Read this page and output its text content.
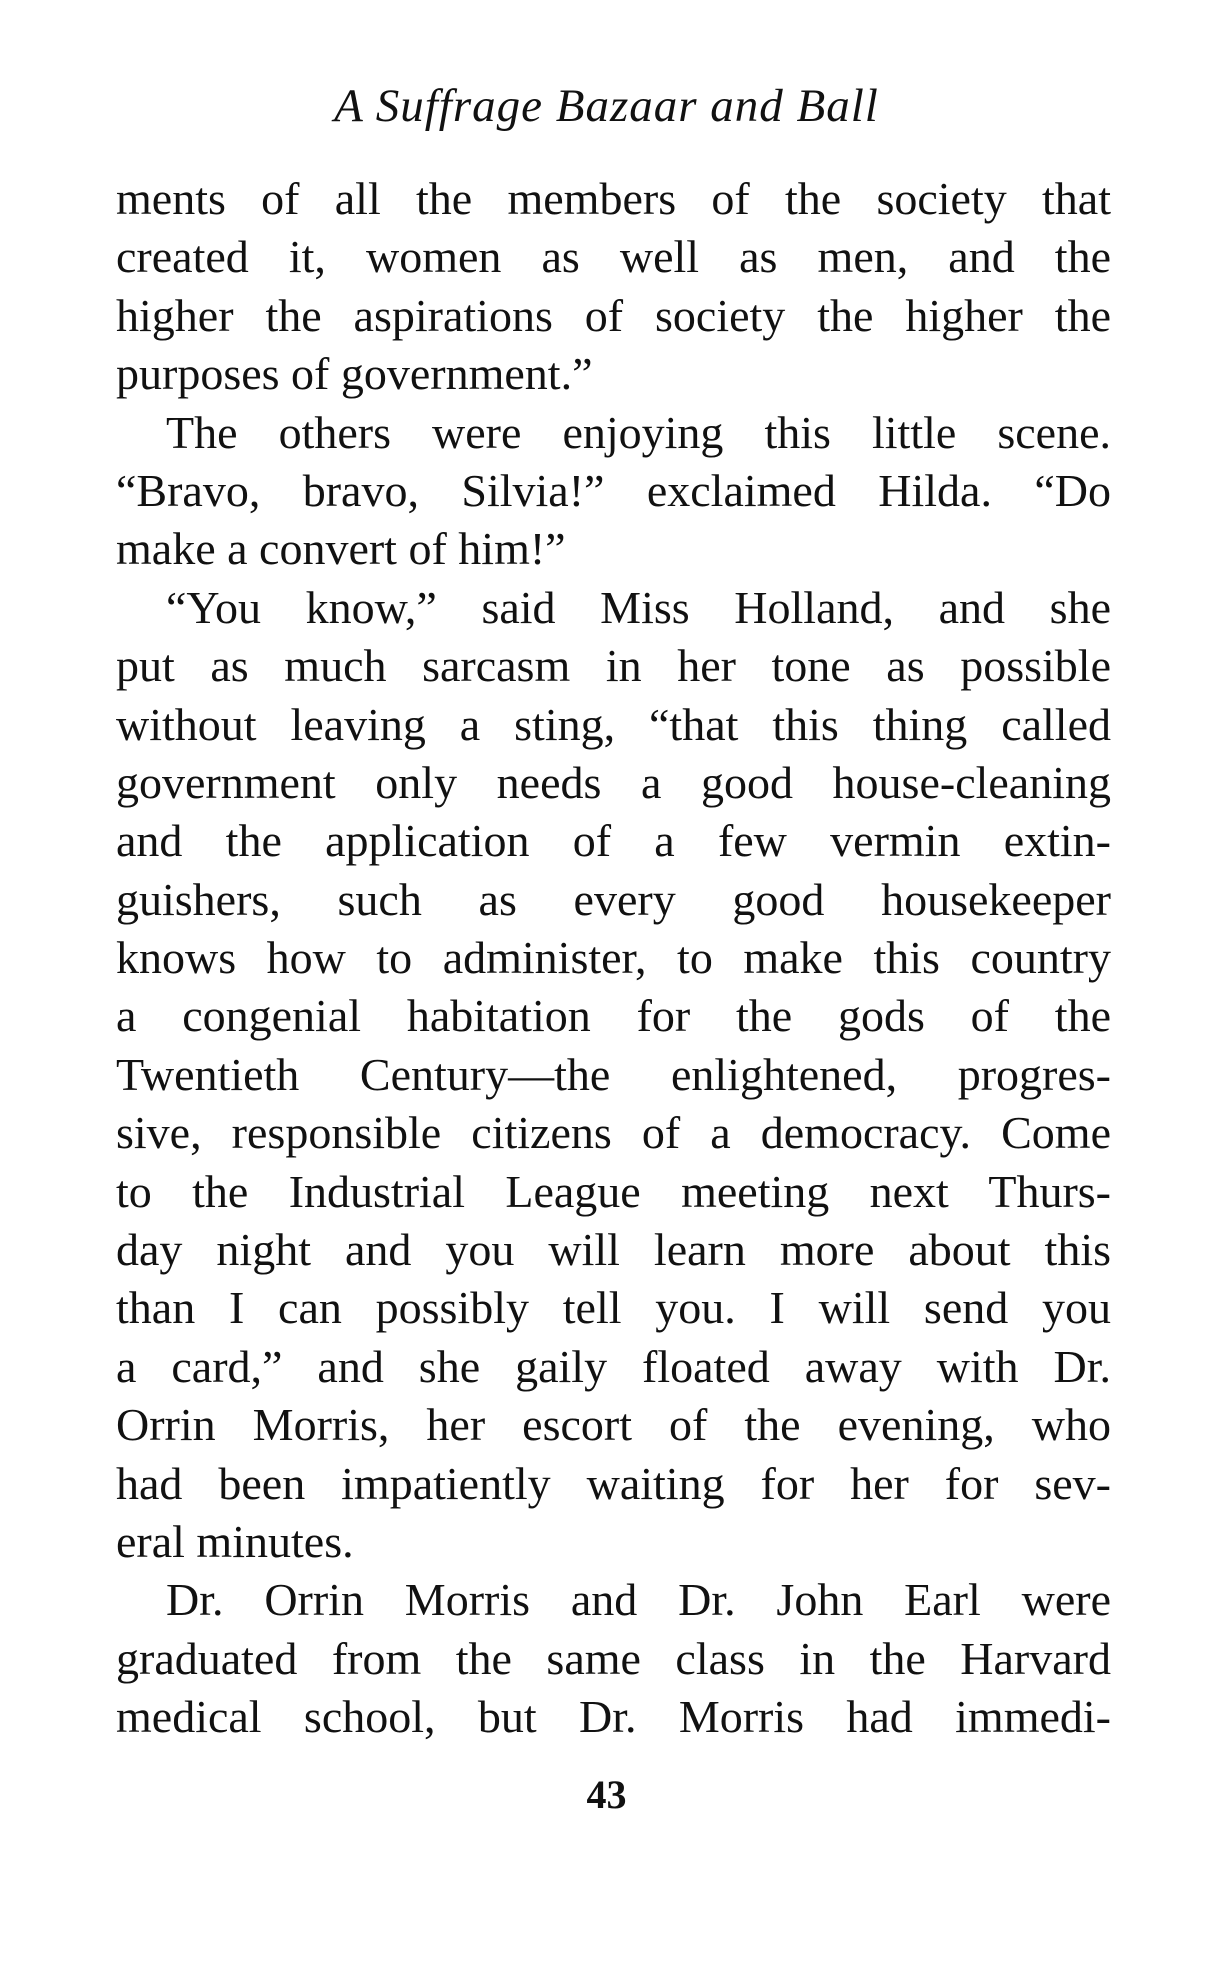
A Suffrage Bazaar and Ball
ments of all the members of the society that
created it, women as well as men, and the
higher the aspirations of society the higher the
purposes of government.”
The others were enjoying this little scene.
“Bravo, bravo, Silvia!” exclaimed Hilda. “Do
make a convert of him!”
“You know,” said Miss Holland, and she
put as much sarcasm in her tone as possible
without leaving a sting, “that this thing called
government only needs a good house-cleaning
and the application of a few vermin extin-
guishers, such as every good housekeeper
knows how to administer, to make this country
a congenial habitation for the gods of the
Twentieth Century—the enlightened, progres-
sive, responsible citizens of a democracy. Come
to the Industrial League meeting next Thurs-
day night and you will learn more about this
than I can possibly tell you. I will send you
a card,” and she gaily floated away with Dr.
Orrin Morris, her escort of the evening, who
had been impatiently waiting for her for sev-
eral minutes.
Dr. Orrin Morris and Dr. John Earl were
graduated from the same class in the Harvard
medical school, but Dr. Morris had immedi-
43
